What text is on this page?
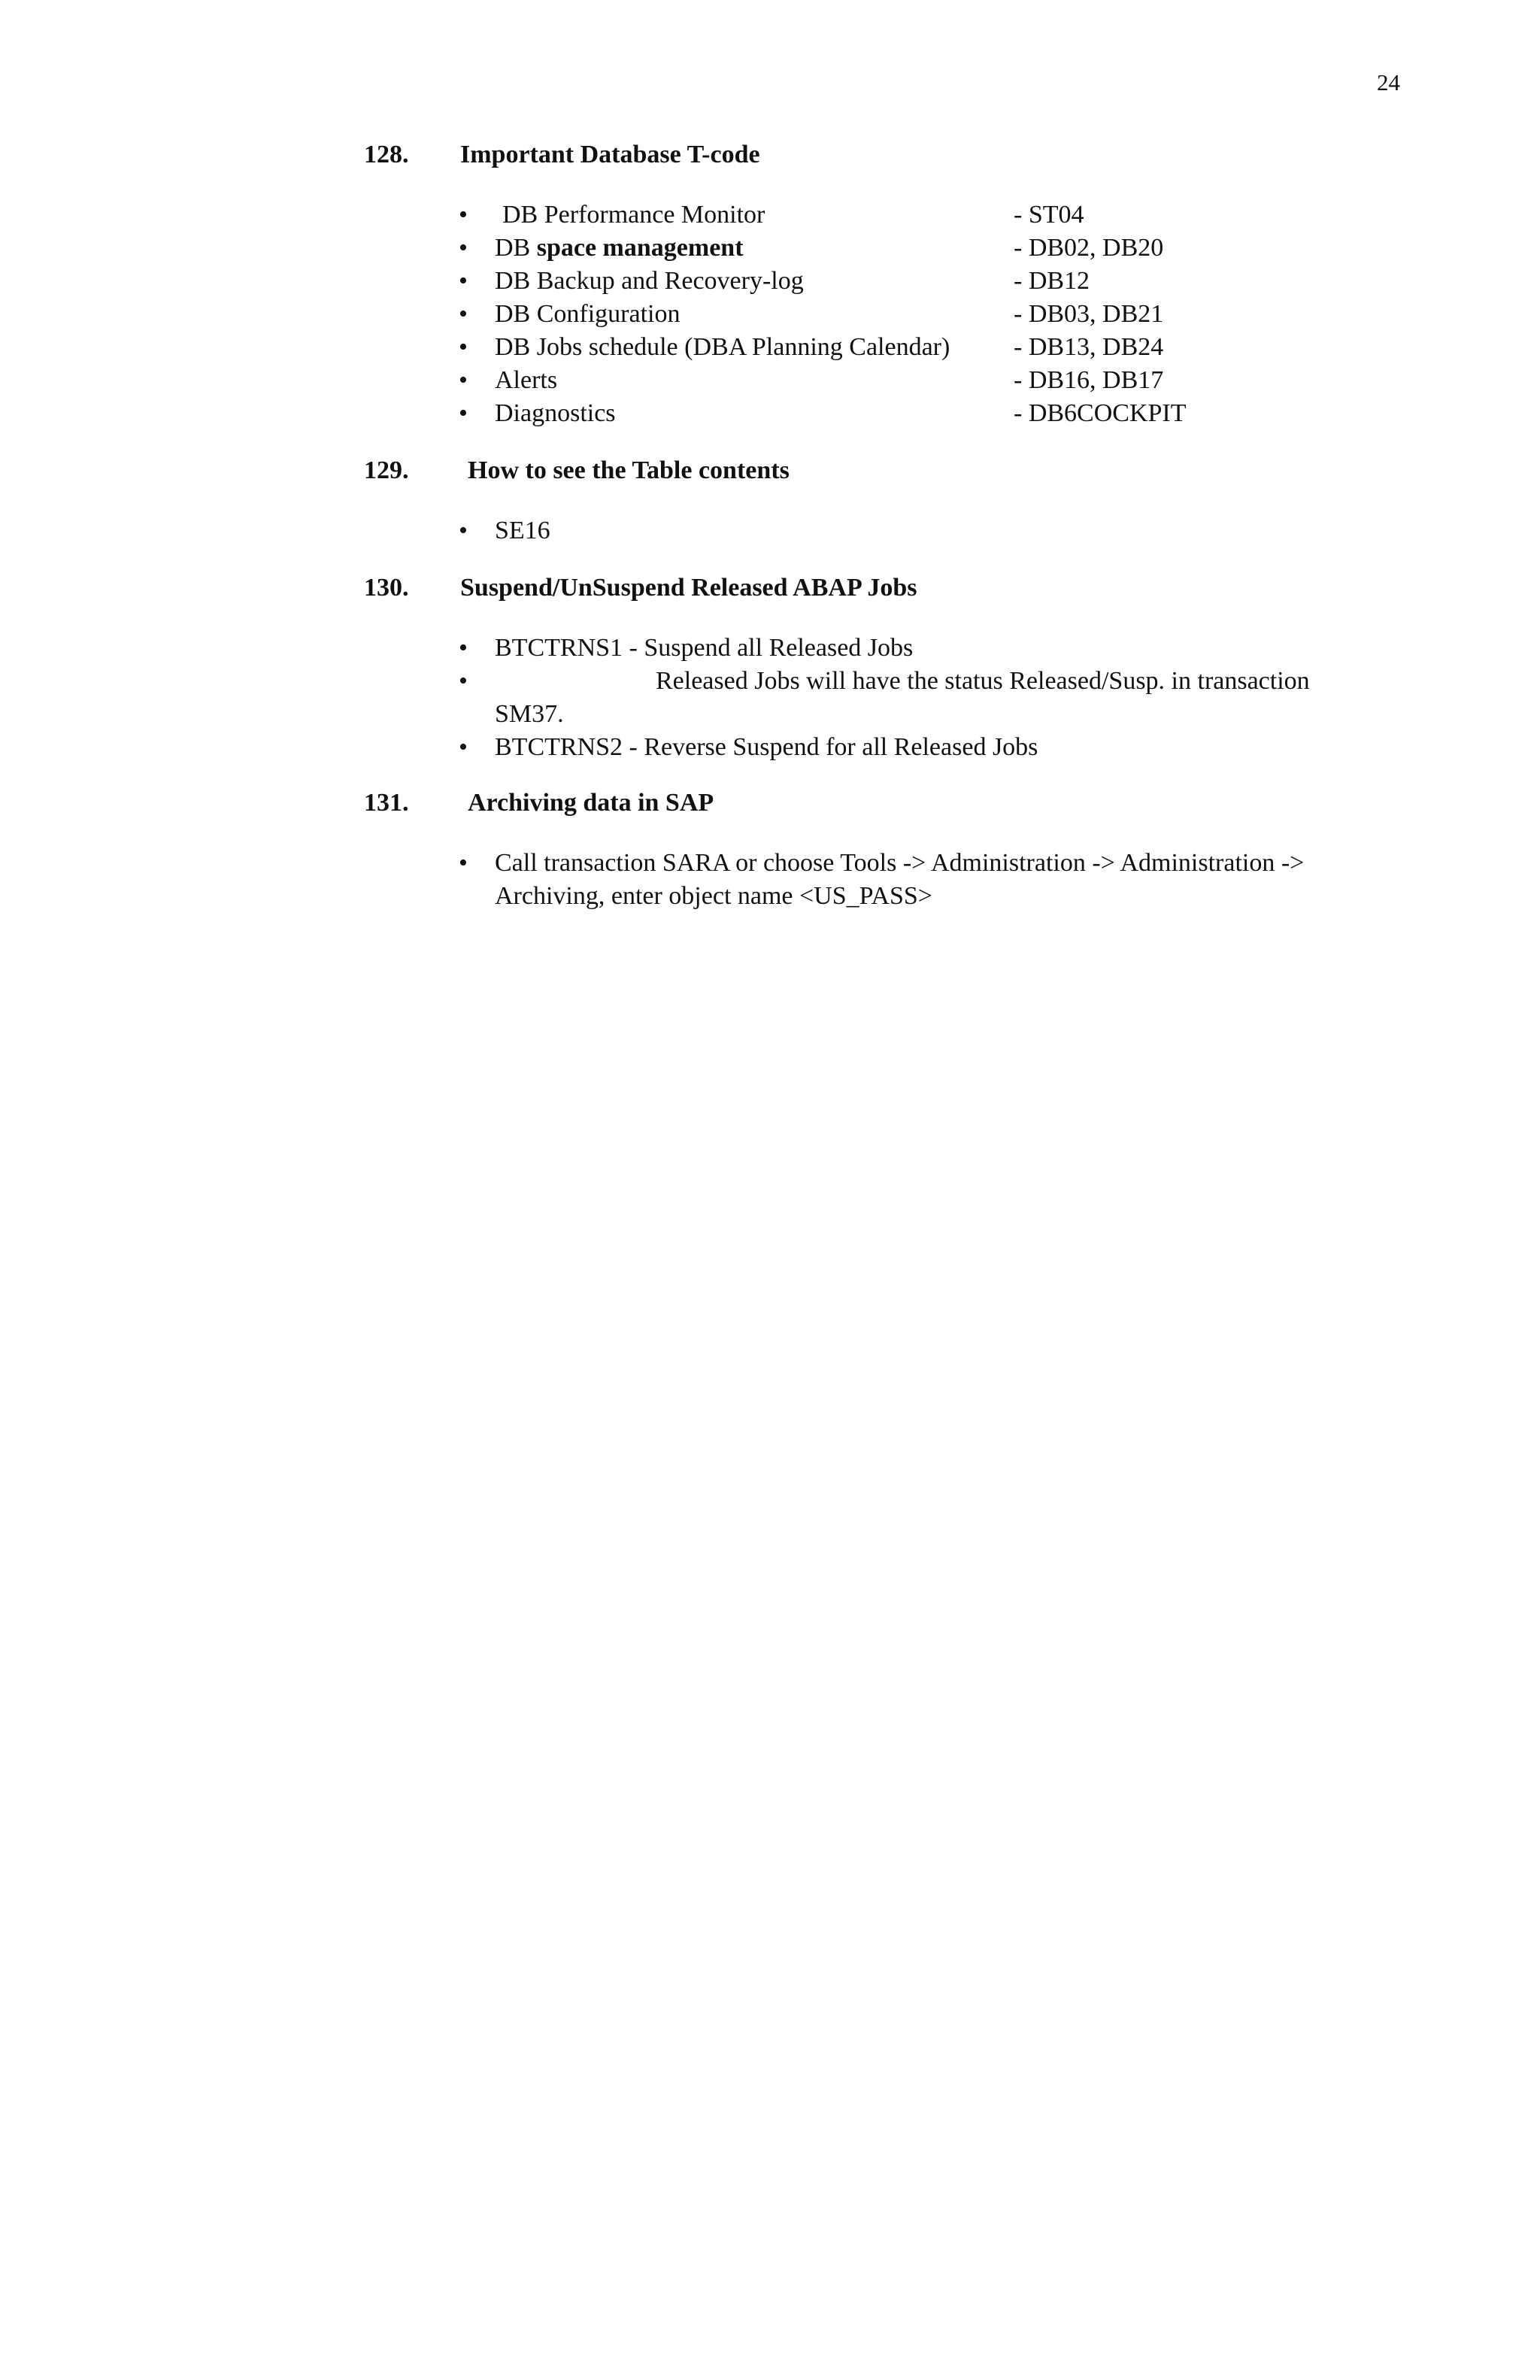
24
128. Important Database T-code
• DB Performance Monitor	- ST04
• DB space management	- DB02, DB20
• DB Backup and Recovery-log	- DB12
• DB Configuration	- DB03, DB21
• DB Jobs schedule (DBA Planning Calendar) - DB13, DB24
• Alerts	- DB16, DB17
• Diagnostics	- DB6COCKPIT
129. How to see the Table contents
• SE16
130. Suspend/UnSuspend Released ABAP Jobs
• BTCTRNS1 - Suspend all Released Jobs
•	Released Jobs will have the status Released/Susp. in transaction
SM37.
• BTCTRNS2 - Reverse Suspend for all Released Jobs
131. Archiving data in SAP
• Call transaction SARA or choose Tools -> Administration -> Administration -> Archiving, enter object name <US_PASS>
